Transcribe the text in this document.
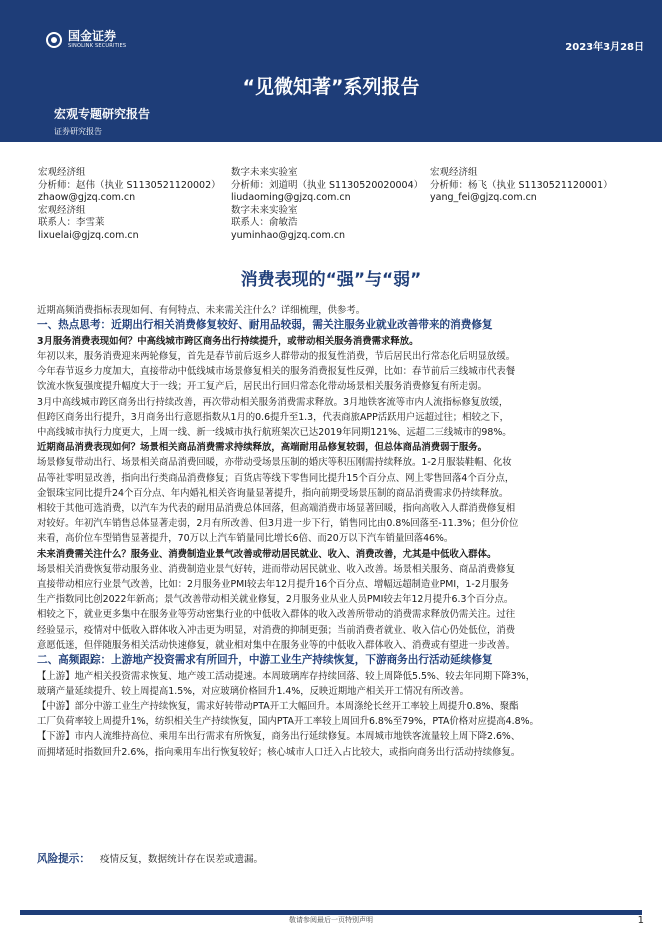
国金证券
SINOLINK SECURITIES	2023年3月28日
“见微知著”系列报告
宏观专题研究报告
证券研究报告
宏观经济组
分析师：赵伟（执业 S1130521120002）
zhaow@gjzq.com.cn
宏观经济组
联系人：李雪莱
lixuelai@gjzq.com.cn
数字未来实验室
分析师：刘道明（执业 S1130520020004）
liudaoming@gjzq.com.cn
数字未来实验室
联系人：俞敏浩
yuminhao@gjzq.com.cn
宏观经济组
分析师：杨飞（执业 S1130521120001）
yang_fei@gjzq.com.cn
消费表现的“强”与“弱”

近期高频消费指标表现如何、有何特点、未来需关注什么？详细梳理，供参考。

一、热点思考：近期出行相关消费修复较好、耐用品较弱，需关注服务业就业改善带来的消费修复

3月服务消费表现如何？中高线城市跨区商务出行持续提升，或带动相关服务消费需求释放。

年初以来，服务消费迎来两轮修复，首先是春节前后返乡人群带动的报复性消费，节后居民出行常态化后明显放缓。

今年春节返乡力度加大，直接带动中低线城市场景修复相关的服务消费报复性反弹，比如：春节前后三线城市代表餐

饮流水恢复强度提升幅度大于一线；开工复产后，居民出行回归常态化带动场景相关服务消费修复有所走弱。

3月中高线城市跨区商务出行持续改善，再次带动相关服务消费需求释放。3月地铁客流等市内人流指标修复放缓，

但跨区商务出行提升，3月商务出行意愿指数从1月的0.6提升至1.3，代表商旅APP活跃用户远超过往；相较之下，

中高线城市执行力度更大，上周一线、新一线城市执行航班架次已达2019年同期121%、远超二三线城市的98%。

近期商品消费表现如何？场景相关商品消费需求持续释放，高端耐用品修复较弱，但总体商品消费弱于服务。

场景修复带动出行、场景相关商品消费回暖，亦带动受场景压制的婚庆等积压刚需持续释放。1-2月服装鞋帽、化妆

品等社零明显改善，指向出行类商品消费修复；百货店等线下零售同比提升15个百分点、网上零售回落4个百分点，

金银珠宝同比提升24个百分点、年内婚礼相关咨询量显著提升，指向前期受场景压制的商品消费需求仍持续释放。

相较于其他可选消费，以汽车为代表的耐用品消费总体回落，但高端消费市场显著回暖，指向高收入人群消费修复相

对较好。年初汽车销售总体显著走弱，2月有所改善、但3月进一步下行，销售同比由0.8%回落至-11.3%；但分价位

来看，高价位车型销售显著提升，70万以上汽车销量同比增长6倍、而20万以下汽车销量回落46%。

未来消费需关注什么？服务业、消费制造业景气改善或带动居民就业、收入、消费改善，尤其是中低收入群体。

场景相关消费恢复带动服务业、消费制造业景气好转，进而带动居民就业、收入改善。场景相关服务、商品消费修复

直接带动相应行业景气改善，比如：2月服务业PMI较去年12月提升16个百分点、增幅远超制造业PMI，1-2月服务

生产指数同比创2022年新高；景气改善带动相关就业修复，2月服务业从业人员PMI较去年12月提升6.3个百分点。

相较之下，就业更多集中在服务业等劳动密集行业的中低收入群体的收入改善所带动的消费需求释放仍需关注。过往

经验显示，疫情对中低收入群体收入冲击更为明显，对消费的抑制更强；当前消费者就业、收入信心仍处低位，消费

意愿低迷，但伴随服务相关活动快速修复，就业相对集中在服务业等的中低收入群体收入、消费或有望进一步改善。

二、高频跟踪：上游地产投资需求有所回升，中游工业生产持续恢复，下游商务出行活动延续修复

【上游】地产相关投资需求恢复、地产竣工活动提速。本周玻璃库存持续回落、较上周降低5.5%、较去年同期下降3%，

玻璃产量延续提升、较上周提高1.5%，对应玻璃价格回升1.4%，反映近期地产相关开工情况有所改善。

【中游】部分中游工业生产持续恢复，需求好转带动PTA开工大幅回升。本周涤纶长丝开工率较上周提升0.8%、聚酯

工厂负荷率较上周提升1%，纺织相关生产持续恢复，国内PTA开工率较上周回升6.8%至79%，PTA价格对应提高4.8%。

【下游】市内人流维持高位、乘用车出行需求有所恢复，商务出行延续修复。本周城市地铁客流量较上周下降2.6%、

而拥堵延时指数回升2.6%，指向乘用车出行恢复较好；核心城市人口迁入占比较大，或指向商务出行活动持续修复。

风险提示： 疫情反复，数据统计存在误差或遗漏。
敬请参阅最后一页特别声明	1
